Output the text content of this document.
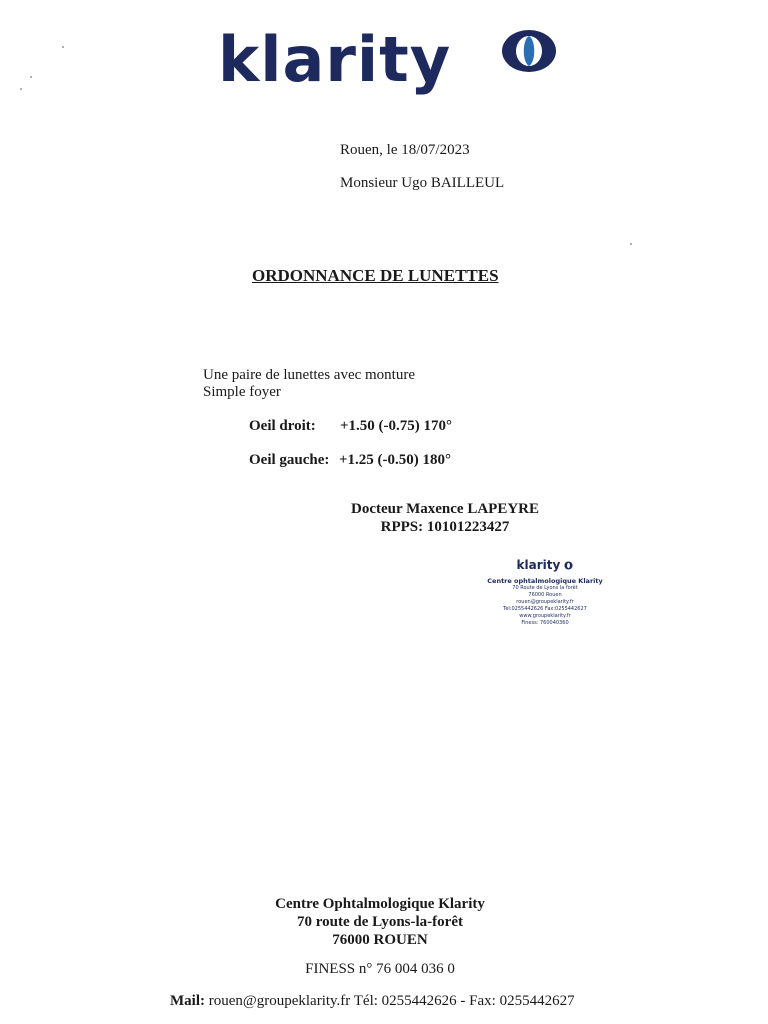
klarity
Rouen, le 18/07/2023
Monsieur Ugo BAILLEUL
ORDONNANCE DE LUNETTES
Une paire de lunettes avec monture
Simple foyer
Oeil droit: +1.50 (-0.75) 170°
Oeil gauche: +1.25 (-0.50) 180°
Docteur Maxence LAPEYRE
RPPS: 10101223427
klarity
Centre ophtalmologique Klarity
70 Route de Lyons la forêt
76000 Rouen
rouen@groupeklarity.fr
Tel:0255442626 Fax:0255442627
www.groupeklarity.fr
Finess: 760040360
Centre Ophtalmologique Klarity
70 route de Lyons-la-forêt
76000 ROUEN
FINESS n° 76 004 036 0
Mail: rouen@groupeklarity.fr Tél: 0255442626 - Fax: 0255442627
